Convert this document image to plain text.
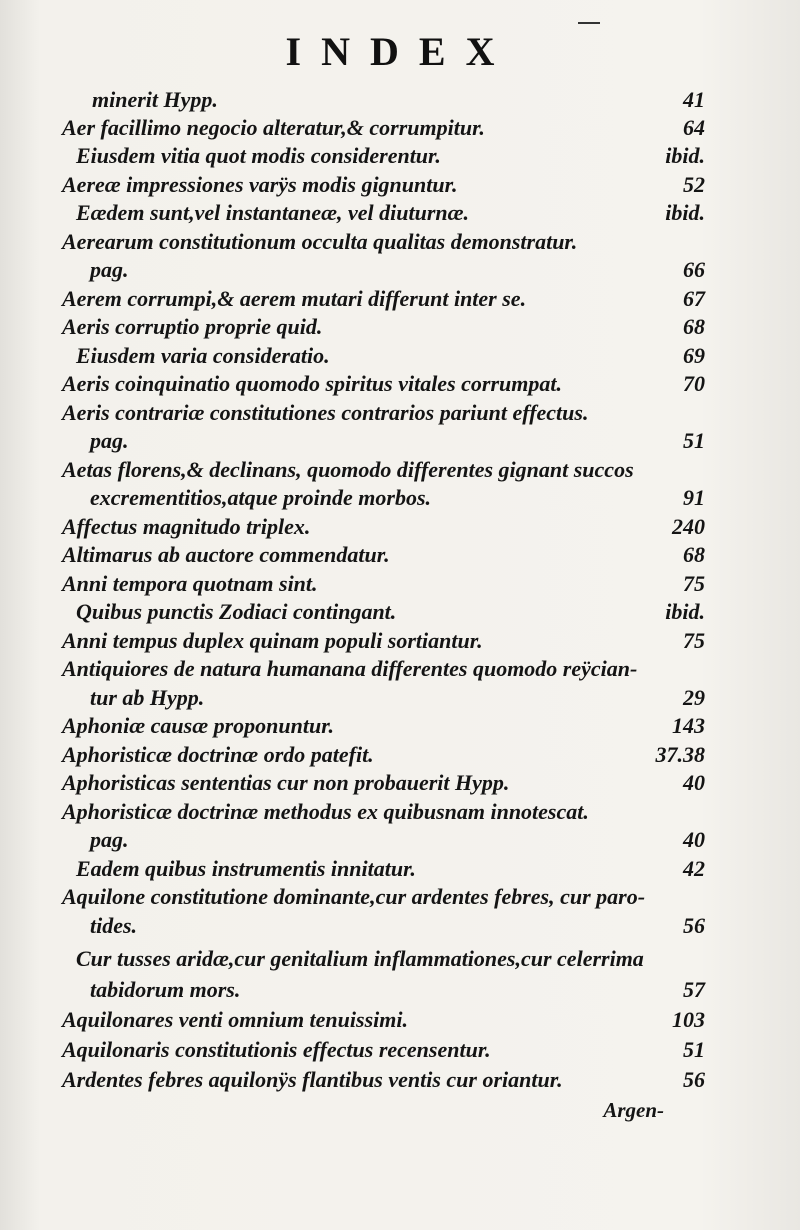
INDEX
minerit Hypp.	41
Aer facillimo negocio alteratur,& corrumpitur.	64
Eiusdem vitia quot modis considerentur.	ibid.
Aereæ impressiones varÿs modis gignuntur.	52
Eædem sunt,vel instantaneæ, vel diuturnæ.	ibid.
Aerearum constitutionum occulta qualitas demonstratur.
pag.	66
Aerem corrumpi,& aerem mutari differunt inter se.	67
Aeris corruptio proprie quid.	68
Eiusdem varia consideratio.	69
Aeris coinquinatio quomodo spiritus vitales corrumpat.	70
Aeris contrariæ constitutiones contrarios pariunt effectus.
pag.	51
Aetas florens,& declinans, quomodo differentes gignant succos
excrementitios,atque proinde morbos.	91
Affectus magnitudo triplex.	240
Altimarus ab auctore commendatur.	68
Anni tempora quotnam sint.	75
Quibus punctis Zodiaci contingant.	ibid.
Anni tempus duplex quinam populi sortiantur.	75
Antiquiores de natura humanana differentes quomodo reÿcian-
tur ab Hypp.	29
Aphoniæ causæ proponuntur.	143
Aphoristicæ doctrinæ ordo patefit.	37.38
Aphoristicas sententias cur non probauerit Hypp.	40
Aphoristicæ doctrinæ methodus ex quibusnam innotescat.
pag.	40
Eadem quibus instrumentis innitatur.	42
Aquilone constitutione dominante,cur ardentes febres, cur paro-
tides.	56
Cur tusses aridæ,cur genitalium inflammationes,cur celerrima
tabidorum mors.	57
Aquilonares venti omnium tenuissimi.	103
Aquilonaris constitutionis effectus recensentur.	51
Ardentes febres aquilonÿs flantibus ventis cur oriantur.	56
Argen-
